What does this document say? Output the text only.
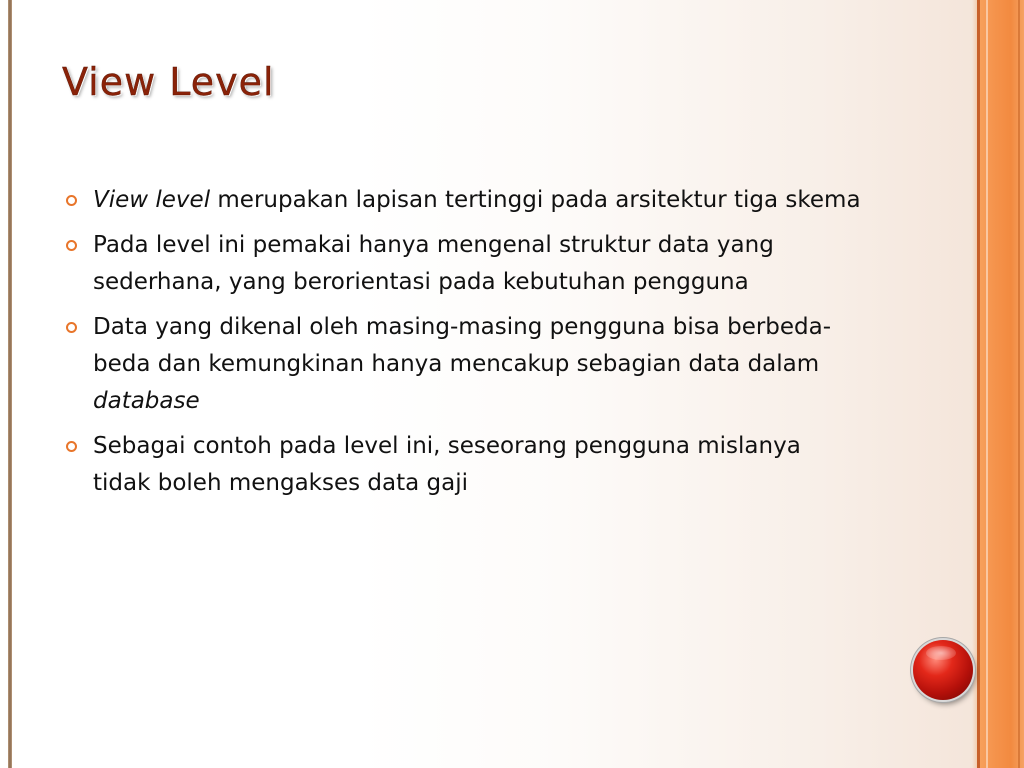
View Level
View level merupakan lapisan tertinggi pada arsitektur tiga skema
Pada level ini pemakai hanya mengenal struktur data yang sederhana, yang berorientasi pada kebutuhan pengguna
Data yang dikenal oleh masing-masing pengguna bisa berbeda-beda dan kemungkinan hanya mencakup sebagian data dalam database
Sebagai contoh pada level ini, seseorang pengguna mislanya tidak boleh mengakses data gaji
